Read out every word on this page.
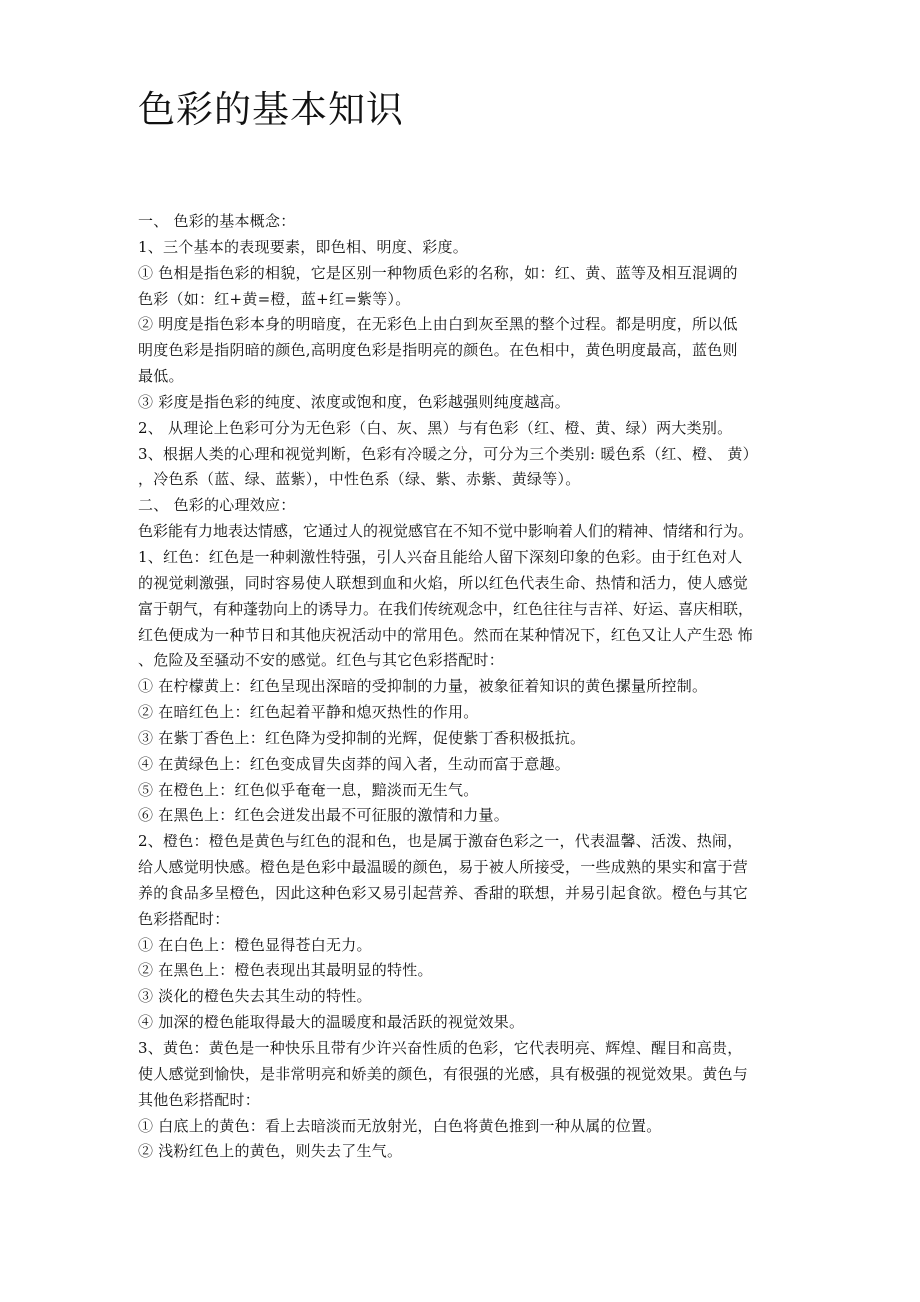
色彩的基本知识
一、 色彩的基本概念：
1、三个基本的表现要素，即色相、明度、彩度。
① 色相是指色彩的相貌，它是区别一种物质色彩的名称，如：红、黄、蓝等及相互混调的
色彩（如：红+黄=橙，蓝+红=紫等）。
② 明度是指色彩本身的明暗度，在无彩色上由白到灰至黑的整个过程。都是明度，所以低
明度色彩是指阴暗的颜色,高明度色彩是指明亮的颜色。在色相中，黄色明度最高，蓝色则
最低。
③ 彩度是指色彩的纯度、浓度或饱和度，色彩越强则纯度越高。
2、 从理论上色彩可分为无色彩（白、灰、黑）与有色彩（红、橙、黄、绿）两大类别。
3、根据人类的心理和视觉判断，色彩有冷暖之分，可分为三个类别: 暖色系（红、橙、 黄）
，冷色系（蓝、绿、蓝紫），中性色系（绿、紫、赤紫、黄绿等）。
二、 色彩的心理效应：
色彩能有力地表达情感，它通过人的视觉感官在不知不觉中影响着人们的精神、情绪和行为。
1、红色：红色是一种刺激性特强，引人兴奋且能给人留下深刻印象的色彩。由于红色对人
的视觉刺激强，同时容易使人联想到血和火焰，所以红色代表生命、热情和活力，使人感觉
富于朝气，有种蓬勃向上的诱导力。在我们传统观念中，红色往往与吉祥、好运、喜庆相联，
红色便成为一种节日和其他庆祝活动中的常用色。然而在某种情况下，红色又让人产生恐 怖
、危险及至骚动不安的感觉。红色与其它色彩搭配时：
① 在柠檬黄上：红色呈现出深暗的受抑制的力量，被象征着知识的黄色摞量所控制。
② 在暗红色上：红色起着平静和熄灭热性的作用。
③ 在紫丁香色上：红色降为受抑制的光辉，促使紫丁香积极抵抗。
④ 在黄绿色上：红色变成冒失卤莽的闯入者，生动而富于意趣。
⑤ 在橙色上：红色似乎奄奄一息，黯淡而无生气。
⑥ 在黑色上：红色会迸发出最不可征服的激情和力量。
2、橙色：橙色是黄色与红色的混和色，也是属于激奋色彩之一，代表温馨、活泼、热闹，
给人感觉明快感。橙色是色彩中最温暖的颜色，易于被人所接受，一些成熟的果实和富于营
养的食品多呈橙色，因此这种色彩又易引起营养、香甜的联想，并易引起食欲。橙色与其它
色彩搭配时：
① 在白色上：橙色显得苍白无力。
② 在黑色上：橙色表现出其最明显的特性。
③ 淡化的橙色失去其生动的特性。
④ 加深的橙色能取得最大的温暖度和最活跃的视觉效果。
3、黄色：黄色是一种快乐且带有少许兴奋性质的色彩，它代表明亮、辉煌、醒目和高贵，
使人感觉到愉快，是非常明亮和娇美的颜色，有很强的光感，具有极强的视觉效果。黄色与
其他色彩搭配时：
① 白底上的黄色：看上去暗淡而无放射光，白色将黄色推到一种从属的位置。
② 浅粉红色上的黄色，则失去了生气。
